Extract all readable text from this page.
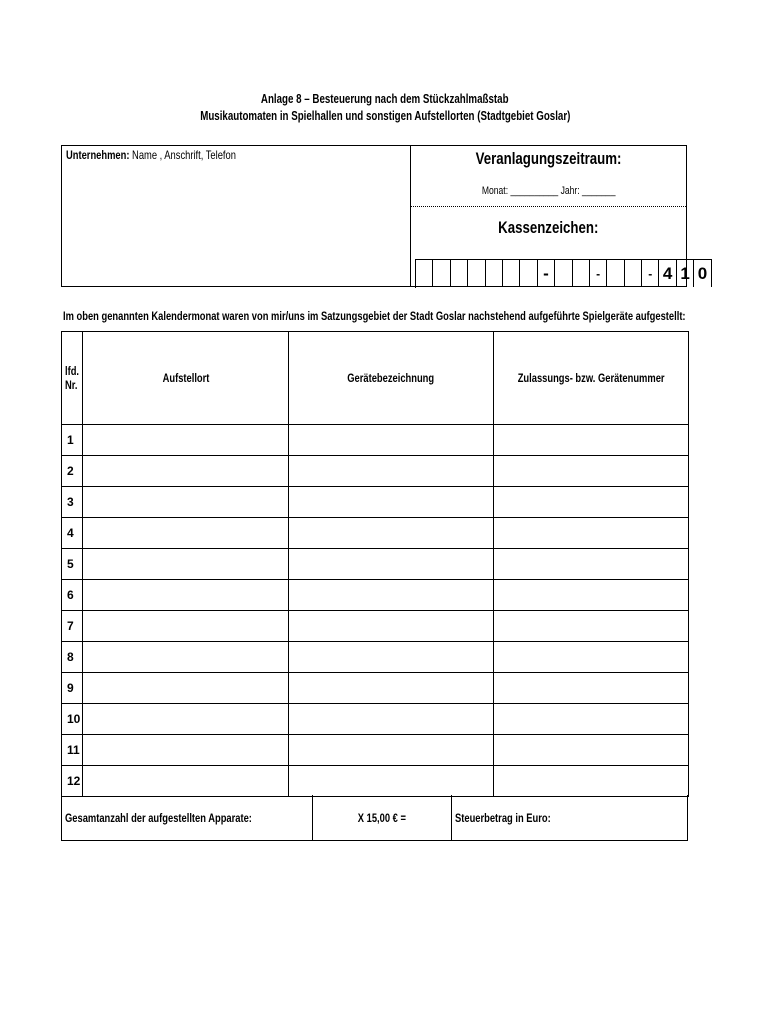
Anlage 8 – Besteuerung nach dem Stückzahlmaßstab
Musikautomaten in Spielhallen und sonstigen Aufstellorten (Stadtgebiet Goslar)
Unternehmen: Name , Anschrift, Telefon	Veranlagungszeitraum:
Monat: __________ Jahr: _______
Kassenzeichen:
-	-	- 4 1 0
Im oben genannten Kalendermonat waren von mir/uns im Satzungsgebiet der Stadt Goslar nachstehend aufgeführte Spielgeräte aufgestellt:
lfd.
Nr.	Aufstellort	Gerätebezeichnung	Zulassungs- bzw. Gerätenummer
1			
2			
3			
4			
5			
6			
7			
8			
9			
10			
11			
12			
Gesamtanzahl der aufgestellten Apparate:	X 15,00 € =	Steuerbetrag in Euro:
